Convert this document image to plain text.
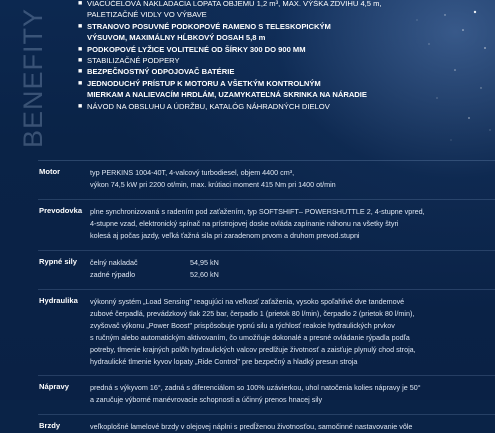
BENEFITY
■ VIACÚČELOVÁ NAKLADACIA LOPATA OBJEMU 1,2 m³, MAX. VÝŠKA ZDVIHU 4,5 m,
PALETIZAČNÉ VIDLY VO VÝBAVE
■ STRANOVO POSUVNÉ PODKOPOVÉ RAMENO S TELESKOPICKÝM
VÝSUVOM, MAXIMÁLNY HĹBKOVÝ DOSAH 5,8 m
■ PODKOPOVÉ LYŽICE VOLITEĽNÉ OD ŠÍRKY 300 DO 900 MM
■ STABILIZAČNÉ PODPERY
■ BEZPEČNOSTNÝ ODPOJOVAČ BATÉRIE
■ JEDNODUCHÝ PRÍSTUP K MOTORU A VŠETKÝM KONTROLNÝM
MIERKAM A NALIEVACÍM HRDLÁM, UZAMYKATEĽNÁ SKRINKA NA NÁRADIE
■ NÁVOD NA OBSLUHU A ÚDRŽBU, KATALÓG NÁHRADNÝCH DIELOV
Motor	typ PERKINS 1004-40T, 4-valcový turbodiesel, objem 4400 cm³,
výkon 74,5 kW pri 2200 ot/min, max. krútiaci moment 415 Nm pri 1400 ot/min
Prevodovka plne synchronizovaná s radením pod zaťažením, typ SOFTSHIFT– POWERSHUTTLE 2, 4-stupne vpred,
4-stupne vzad, elektronický spínač na prístrojovej doske ovláda zapínanie náhonu na všetky štyri
kolesá aj počas jazdy, veľká ťažná sila pri zaradenom prvom a druhom prevod.stupni
Rypné sily čelný nakladač	54,95 kN
zadné rýpadlo	52,60 kN
Hydraulika výkonný systém „Load Sensing" reagujúci na veľkosť zaťaženia, vysoko spoľahlivé dve tandemové
zubové čerpadlá, prevádzkový tlak 225 bar, čerpadlo 1 (prietok 80 l/min), čerpadlo 2 (prietok 80 l/min),
zvyšovač výkonu „Power Boost" prispôsobuje rypnú silu a rýchlosť reakcie hydraulických prvkov
s ručným alebo automatickým aktivovaním, čo umožňuje dokonalé a presné ovládanie rýpadla podľa
potreby, tlmenie krajných polôh hydraulických valcov predlžuje životnosť a zaisťuje plynulý chod stroja,
hydraulické tlmenie kyvov lopaty „Ride Control" pre bezpečný a hladký presun stroja
Nápravy	predná s výkyvom 16°, zadná s diferenciálom so 100% uzávierkou, uhol natočenia kolies nápravy je 50°
a zaručuje výborné manévrovacie schopnosti a účinný prenos hnacej sily
Brzdy	veľkoplošné lamelové brzdy v olejovej náplni s predĺženou životnosťou, samočinné nastavovanie vôle
